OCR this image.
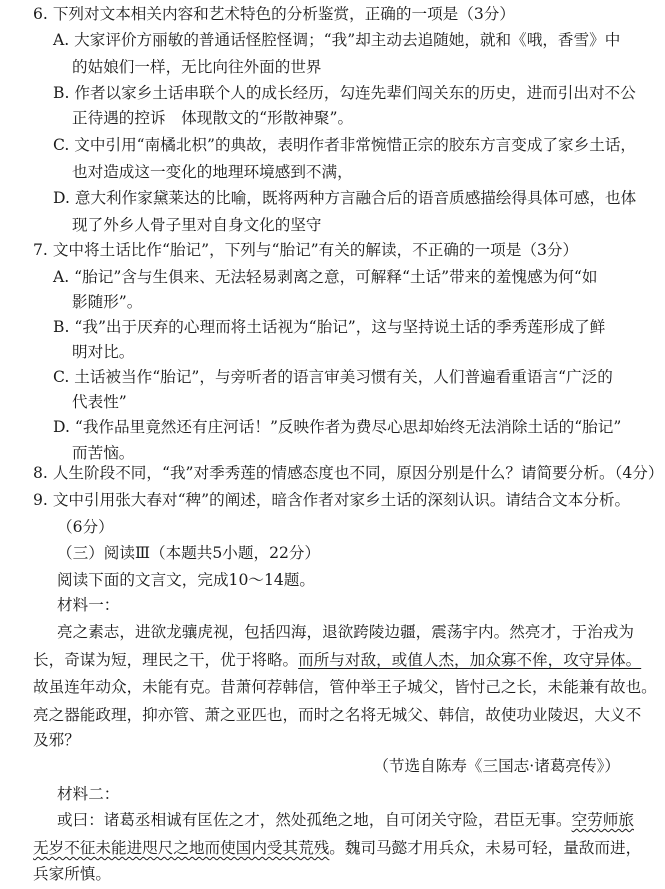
6. 下列对文本相关内容和艺术特色的分析鉴赏，正确的一项是（3分）
A. 大家评价方丽敏的普通话怪腔怪调；“我”却主动去追随她，就和《哦，香雪》中
的姑娘们一样，无比向往外面的世界
B. 作者以家乡土话串联个人的成长经历，勾连先辈们闯关东的历史，进而引出对不公
正待遇的控诉　体现散文的“形散神聚”。
C. 文中引用“南橘北枳”的典故，表明作者非常惋惜正宗的胶东方言变成了家乡土话，
也对造成这一变化的地理环境感到不满，
D. 意大利作家黛莱达的比喻，既将两种方言融合后的语音质感描绘得具体可感，也体
现了外乡人骨子里对自身文化的坚守
7. 文中将土话比作“胎记”，下列与“胎记”有关的解读，不正确的一项是（3分）
A. “胎记”含与生俱来、无法轻易剥离之意，可解释“土话”带来的羞愧感为何“如
影随形”。
B. “我”出于厌弃的心理而将土话视为“胎记”，这与坚持说土话的季秀莲形成了鲜
明对比。
C. 土话被当作“胎记”，与旁听者的语言审美习惯有关，人们普遍看重语言“广泛的
代表性”
D. “我作品里竟然还有庄河话！”反映作者为费尽心思却始终无法消除土话的“胎记”
而苦恼。
8. 人生阶段不同，“我”对季秀莲的情感态度也不同，原因分别是什么？请简要分析。（4分）
9. 文中引用张大春对“稗”的阐述，暗含作者对家乡土话的深刻认识。请结合文本分析。
（6分）
（三）阅读Ⅲ（本题共5小题，22分）
阅读下面的文言文，完成10～14题。
材料一：
亮之素志，进欲龙骧虎视，包括四海，退欲跨陵边疆，震荡宇内。然亮才，于治戎为
长，奇谋为短，理民之干，优于将略。而所与对敌，或值人杰，加众寡不侔，攻守异体。
故虽连年动众，未能有克。昔萧何荐韩信，管仲举王子城父，皆忖己之长，未能兼有故也。
亮之器能政理，抑亦管、萧之亚匹也，而时之名将无城父、韩信，故使功业陵迟，大义不
及邪？
（节选自陈寿《三国志·诸葛亮传》）
材料二：
或曰：诸葛丞相诚有匡佐之才，然处孤绝之地，自可闭关守险，君臣无事。空劳师旅
无岁不征未能进咫尺之地而使国内受其荒残。魏司马懿才用兵众，未易可轻，量敌而进，
兵家所慎。
